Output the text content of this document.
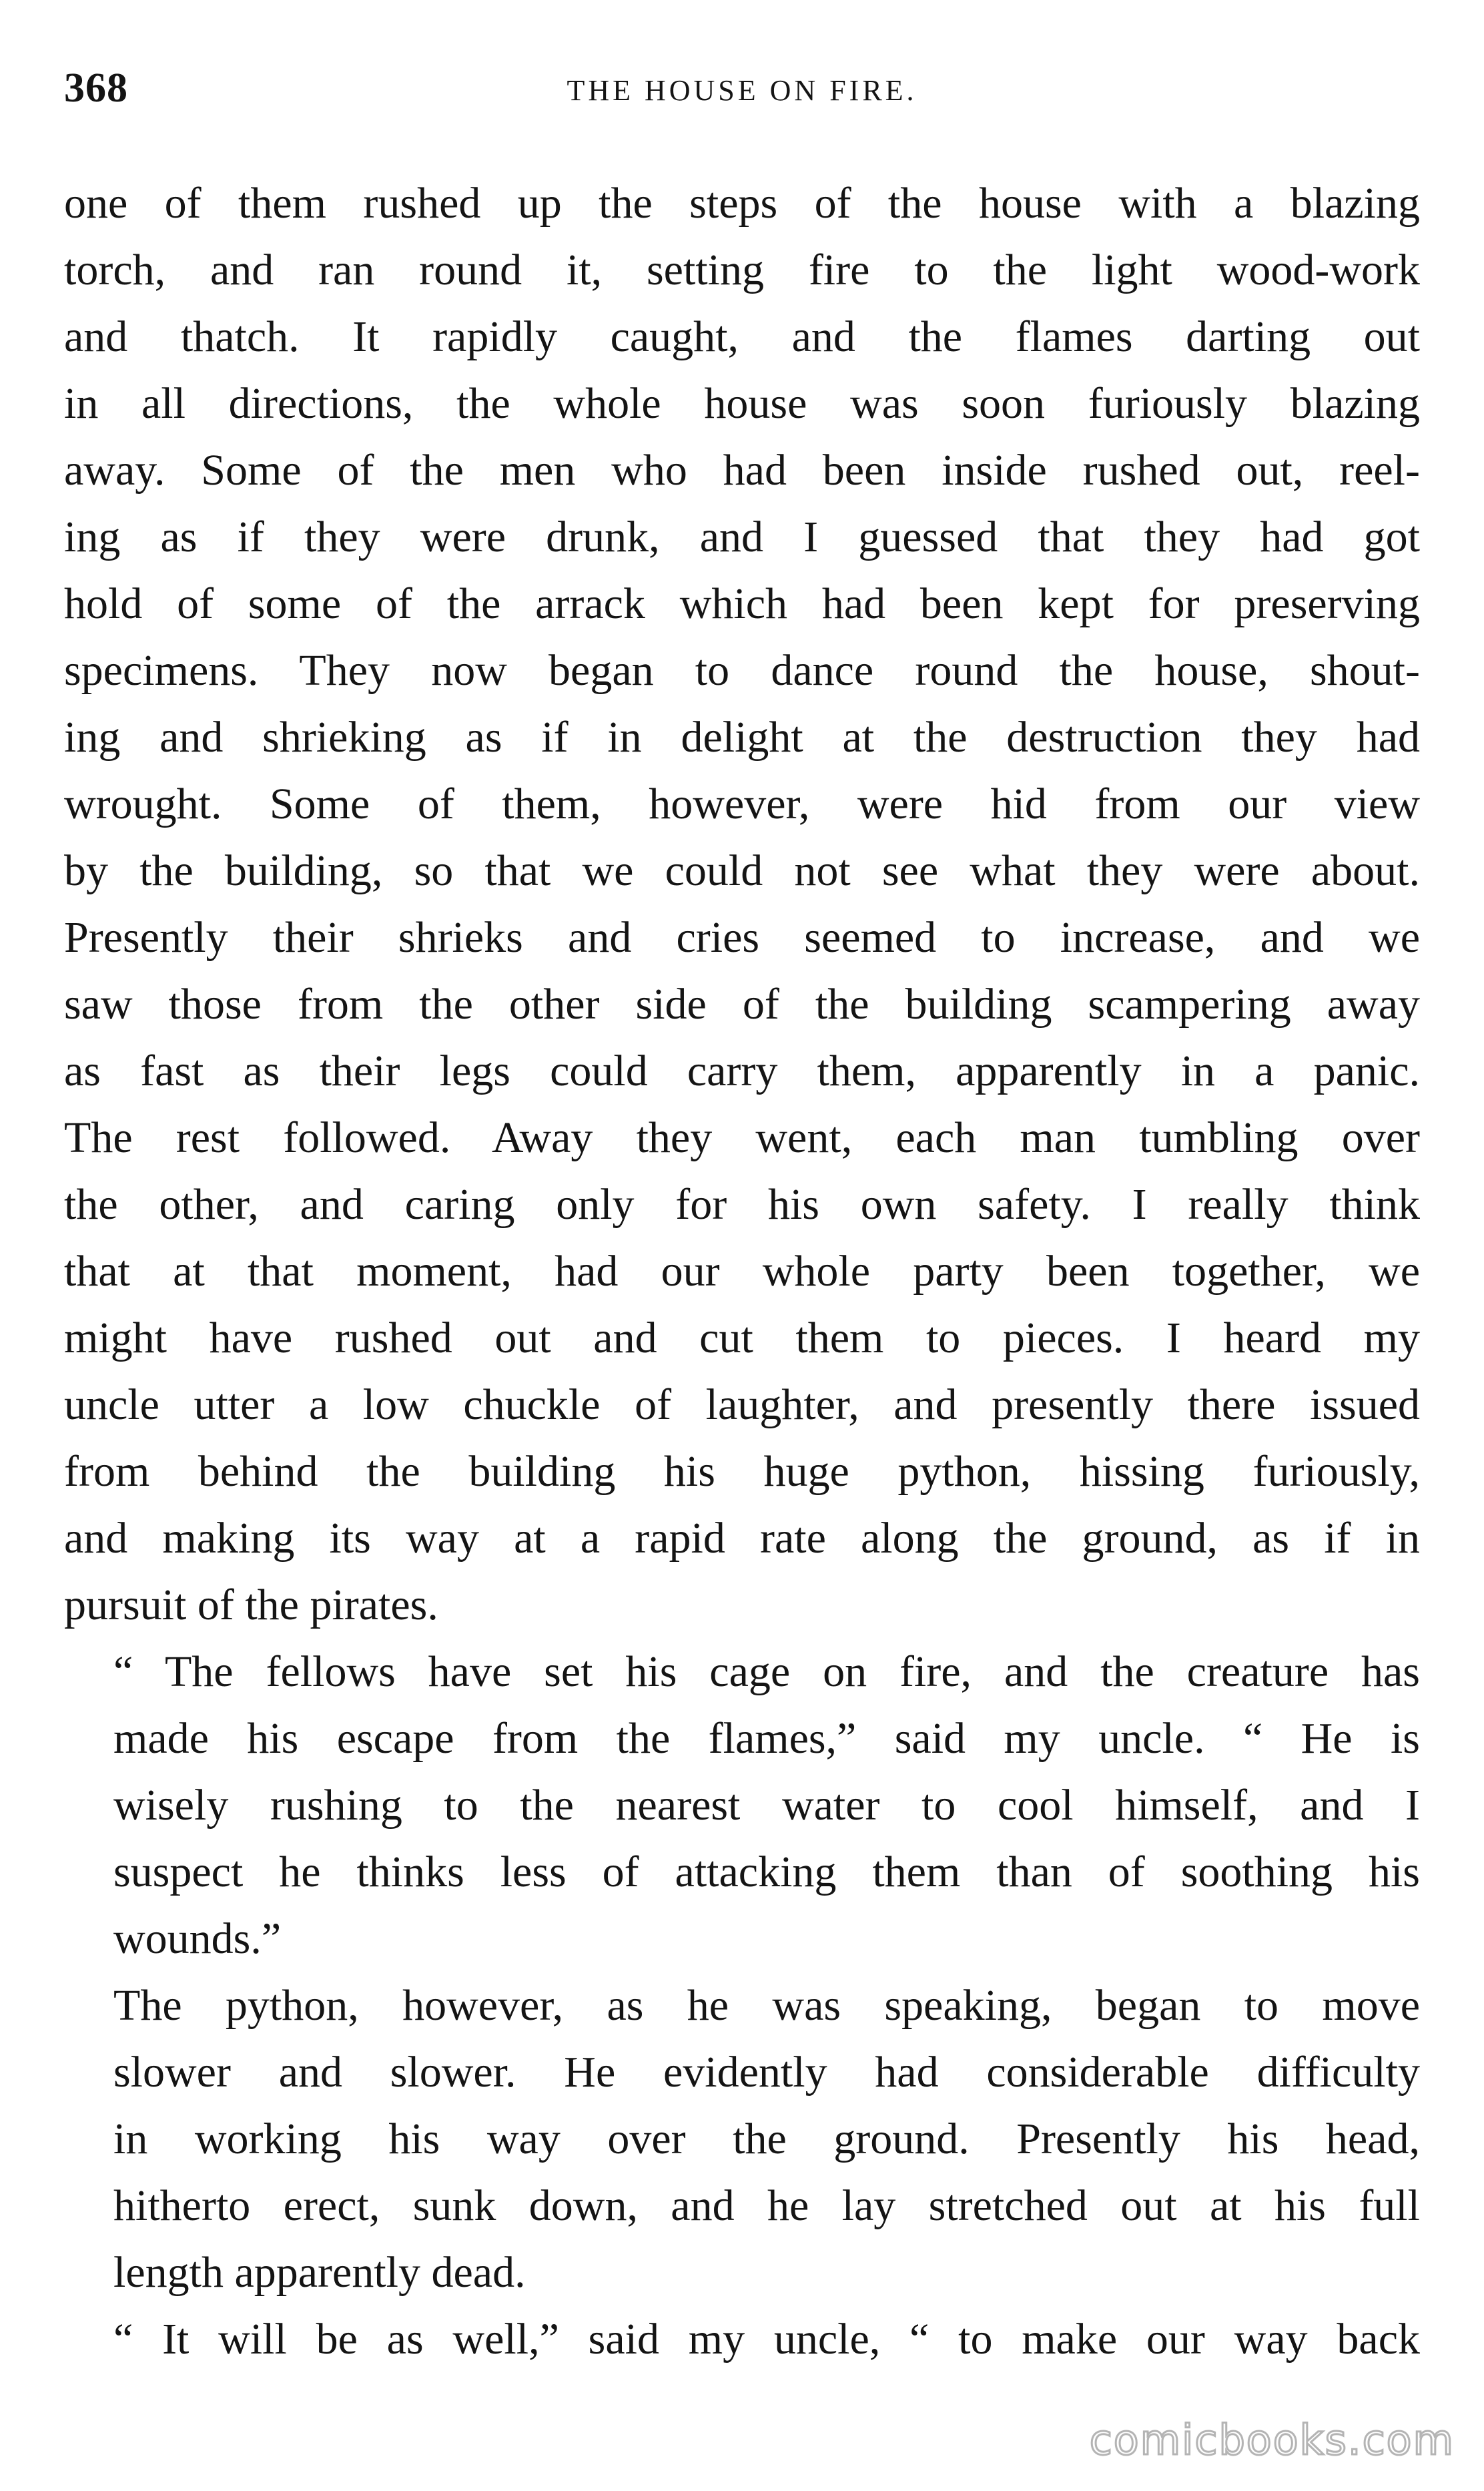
368	THE HOUSE ON FIRE.
one of them rushed up the steps of the house with a blazing
torch, and ran round it, setting fire to the light wood-work
and thatch. It rapidly caught, and the flames darting out
in all directions, the whole house was soon furiously blazing
away. Some of the men who had been inside rushed out, reel-
ing as if they were drunk, and I guessed that they had got
hold of some of the arrack which had been kept for preserving
specimens. They now began to dance round the house, shout-
ing and shrieking as if in delight at the destruction they had
wrought. Some of them, however, were hid from our view
by the building, so that we could not see what they were about.
Presently their shrieks and cries seemed to increase, and we
saw those from the other side of the building scampering away
as fast as their legs could carry them, apparently in a panic.
The rest followed. Away they went, each man tumbling over
the other, and caring only for his own safety. I really think
that at that moment, had our whole party been together, we
might have rushed out and cut them to pieces. I heard my
uncle utter a low chuckle of laughter, and presently there issued
from behind the building his huge python, hissing furiously,
and making its way at a rapid rate along the ground, as if in
pursuit of the pirates.
“ The fellows have set his cage on fire, and the creature has
made his escape from the flames,” said my uncle. “ He is
wisely rushing to the nearest water to cool himself, and I
suspect he thinks less of attacking them than of soothing his
wounds.”
The python, however, as he was speaking, began to move
slower and slower. He evidently had considerable difficulty
in working his way over the ground. Presently his head,
hitherto erect, sunk down, and he lay stretched out at his full
length apparently dead.
“ It will be as well,” said my uncle, “ to make our way back
comicbooks.com
